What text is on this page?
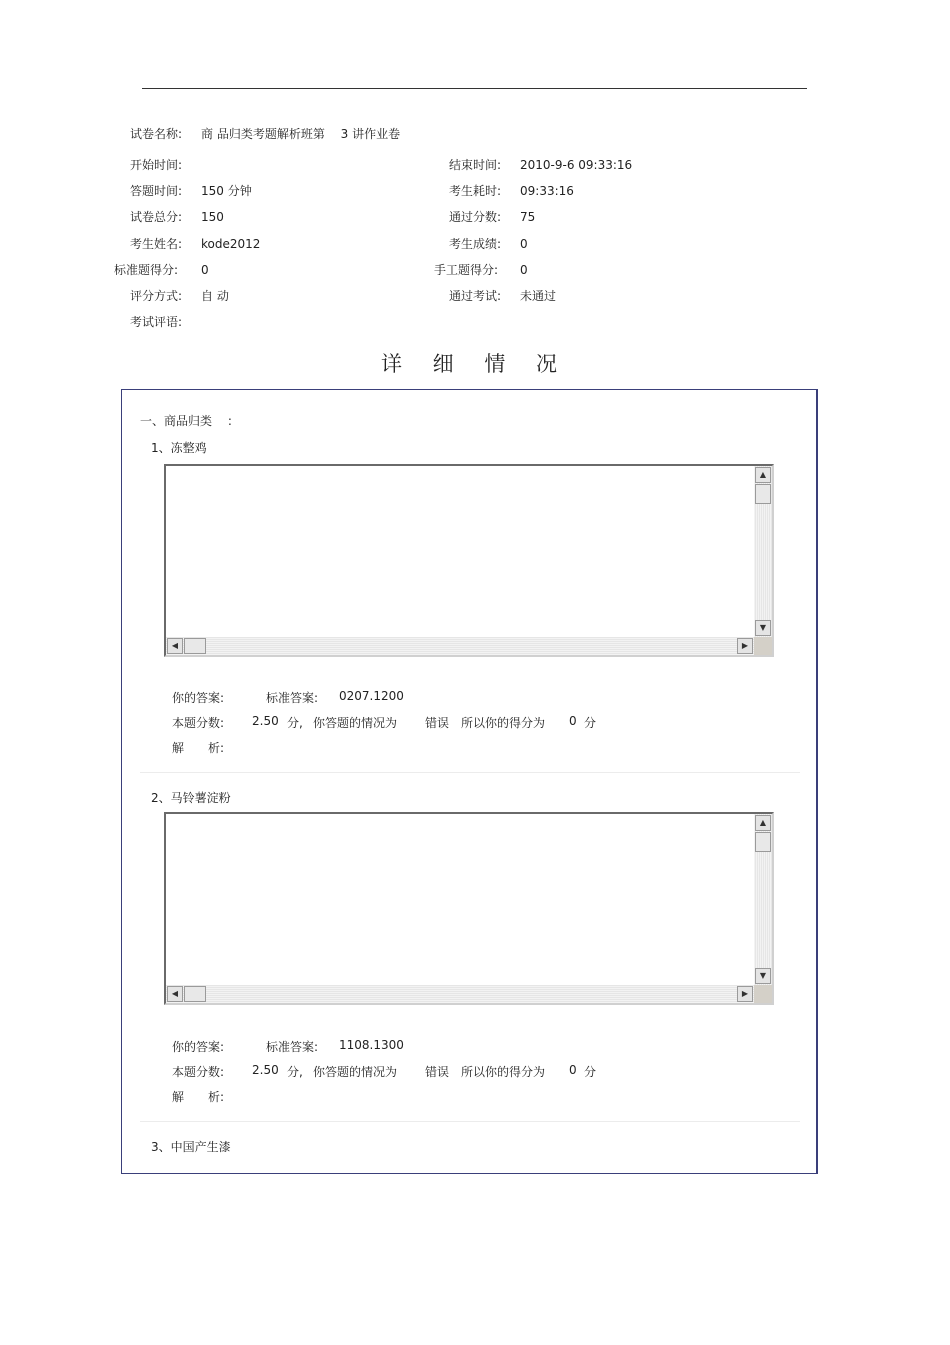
试卷名称: 商 品归类考题解析班第 　3 讲作业卷
开始时间:	结束时间: 2010-9-6 09:33:16
答题时间: 150 分钟	考生耗时: 09:33:16
试卷总分: 150	通过分数: 75
考生姓名: kode2012	考生成绩: 0
标准题得分: 0	手工题得分: 0
评分方式: 自 动	通过考试: 未通过
考试评语:
详 细 情 况
一、商品归类 　:
1、冻整鸡
▲
▼
◀	▶
你的答案:	标准答案: 0207.1200
本题分数: 2.50 分, 你答题的情况为 错误 所以你的得分为 0 分
解　　析:
2、马铃薯淀粉
▲
▼
◀	▶
你的答案:	标准答案: 1108.1300
本题分数: 2.50 分, 你答题的情况为 错误 所以你的得分为 0 分
解　　析:
3、中国产生漆
